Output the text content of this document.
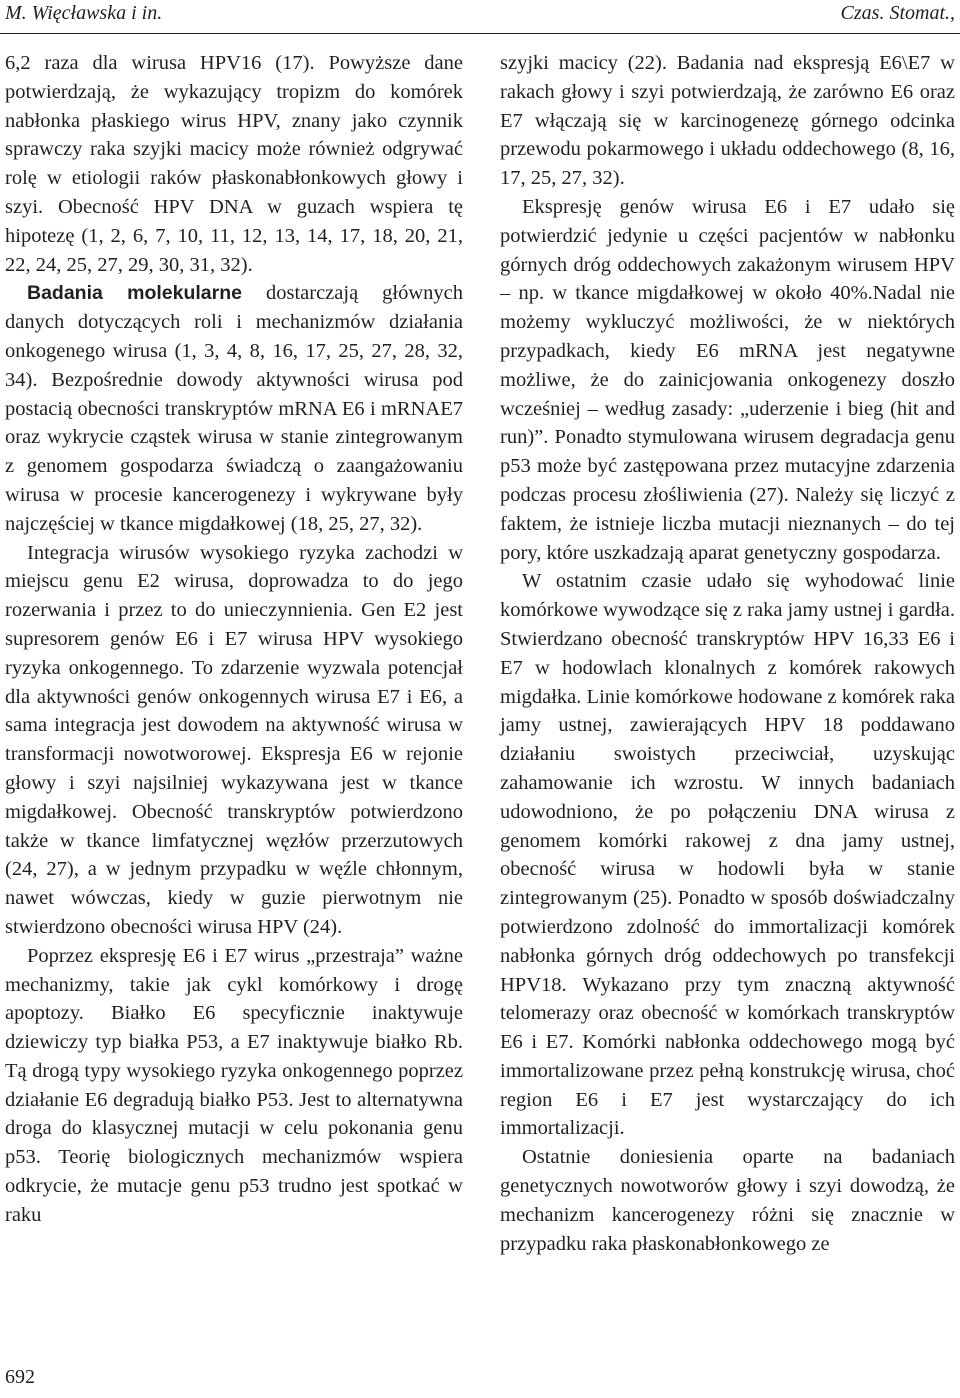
M. Więcławska i in.	Czas. Stomat.,

6,2 raza dla wirusa HPV16 (17). Powyższe dane potwierdzają, że wykazujący tropizm do komórek nabłonka płaskiego wirus HPV, znany jako czynnik sprawczy raka szyjki macicy może również odgrywać rolę w etiologii raków płaskonabłonkowych głowy i szyi. Obecność HPV DNA w guzach wspiera tę hipotezę (1, 2, 6, 7, 10, 11, 12, 13, 14, 17, 18, 20, 21, 22, 24, 25, 27, 29, 30, 31, 32).

Badania molekularne dostarczają głównych danych dotyczących roli i mechanizmów działania onkogenego wirusa (1, 3, 4, 8, 16, 17, 25, 27, 28, 32, 34). Bezpośrednie dowody aktywności wirusa pod postacią obecności transkryptów mRNA E6 i mRNAE7 oraz wykrycie cząstek wirusa w stanie zintegrowanym z genomem gospodarza świadczą o zaangażowaniu wirusa w procesie kancerogenezy i wykrywane były najczęściej w tkance migdałkowej (18, 25, 27, 32).

Integracja wirusów wysokiego ryzyka zachodzi w miejscu genu E2 wirusa, doprowadza to do jego rozerwania i przez to do unieczynnienia. Gen E2 jest supresorem genów E6 i E7 wirusa HPV wysokiego ryzyka onkogennego. To zdarzenie wyzwala potencjał dla aktywności genów onkogennych wirusa E7 i E6, a sama integracja jest dowodem na aktywność wirusa w transformacji nowotworowej. Ekspresja E6 w rejonie głowy i szyi najsilniej wykazywana jest w tkance migdałkowej. Obecność transkryptów potwierdzono także w tkance limfatycznej węzłów przerzutowych (24, 27), a w jednym przypadku w węźle chłonnym, nawet wówczas, kiedy w guzie pierwotnym nie stwierdzono obecności wirusa HPV (24).

Poprzez ekspresję E6 i E7 wirus „przestraja” ważne mechanizmy, takie jak cykl komórkowy i drogę apoptozy. Białko E6 specyficznie inaktywuje dziewiczy typ białka P53, a E7 inaktywuje białko Rb. Tą drogą typy wysokiego ryzyka onkogennego poprzez działanie E6 degradują białko P53. Jest to alternatywna droga do klasycznej mutacji w celu pokonania genu p53. Teorię biologicznych mechanizmów wspiera odkrycie, że mutacje genu p53 trudno jest spotkać w raku

szyjki macicy (22). Badania nad ekspresją E6\E7 w rakach głowy i szyi potwierdzają, że zarówno E6 oraz E7 włączają się w karcinogenezę górnego odcinka przewodu pokarmowego i układu oddechowego (8, 16, 17, 25, 27, 32).

Ekspresję genów wirusa E6 i E7 udało się potwierdzić jedynie u części pacjentów w nabłonku górnych dróg oddechowych zakażonym wirusem HPV – np. w tkance migdałkowej w około 40%.Nadal nie możemy wykluczyć możliwości, że w niektórych przypadkach, kiedy E6 mRNA jest negatywne możliwe, że do zainicjowania onkogenezy doszło wcześniej – według zasady: „uderzenie i bieg (hit and run)”. Ponadto stymulowana wirusem degradacja genu p53 może być zastępowana przez mutacyjne zdarzenia podczas procesu złośliwienia (27). Należy się liczyć z faktem, że istnieje liczba mutacji nieznanych – do tej pory, które uszkadzają aparat genetyczny gospodarza.

W ostatnim czasie udało się wyhodować linie komórkowe wywodzące się z raka jamy ustnej i gardła. Stwierdzano obecność transkryptów HPV 16,33 E6 i E7 w hodowlach klonalnych z komórek rakowych migdałka. Linie komórkowe hodowane z komórek raka jamy ustnej, zawierających HPV 18 poddawano działaniu swoistych przeciwciał, uzyskując zahamowanie ich wzrostu. W innych badaniach udowodniono, że po połączeniu DNA wirusa z genomem komórki rakowej z dna jamy ustnej, obecność wirusa w hodowli była w stanie zintegrowanym (25). Ponadto w sposób doświadczalny potwierdzono zdolność do immortalizacji komórek nabłonka górnych dróg oddechowych po transfekcji HPV18. Wykazano przy tym znaczną aktywność telomerazy oraz obecność w komórkach transkryptów E6 i E7. Komórki nabłonka oddechowego mogą być immortalizowane przez pełną konstrukcję wirusa, choć region E6 i E7 jest wystarczający do ich immortalizacji.

Ostatnie doniesienia oparte na badaniach genetycznych nowotworów głowy i szyi dowodzą, że mechanizm kancerogenezy różni się znacznie w przypadku raka płaskonabłonkowego ze

692
